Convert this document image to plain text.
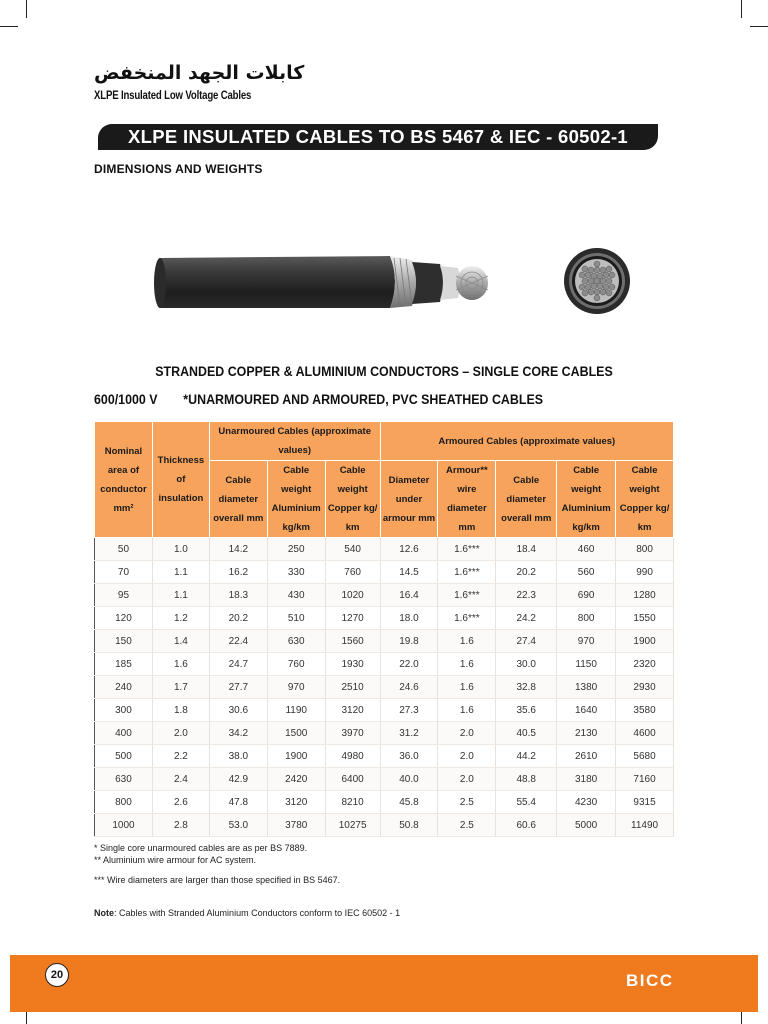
كابلات الجهد المنخفض
XLPE Insulated Low Voltage Cables
XLPE INSULATED CABLES TO BS 5467 & IEC - 60502-1
DIMENSIONS AND WEIGHTS
STRANDED COPPER & ALUMINIUM CONDUCTORS – SINGLE CORE CABLES
600/1000 V *UNARMOURED AND ARMOURED, PVC SHEATHED CABLES
Nominal area of conductor mm²	Thickness of insulation	Unarmoured Cables (approximate values)			Armoured Cables (approximate values)				
		Cable diameter overall mm	Cable weight Aluminium kg/km	Cable weight Copper kg/ km	Diameter under armour mm	Armour** wire diameter mm	Cable diameter overall mm	Cable weight Aluminium kg/km	Cable weight Copper kg/ km
50	1.0	14.2	250	540	12.6	1.6***	18.4	460	800
70	1.1	16.2	330	760	14.5	1.6***	20.2	560	990
95	1.1	18.3	430	1020	16.4	1.6***	22.3	690	1280
120	1.2	20.2	510	1270	18.0	1.6***	24.2	800	1550
150	1.4	22.4	630	1560	19.8	1.6	27.4	970	1900
185	1.6	24.7	760	1930	22.0	1.6	30.0	1150	2320
240	1.7	27.7	970	2510	24.6	1.6	32.8	1380	2930
300	1.8	30.6	1190	3120	27.3	1.6	35.6	1640	3580
400	2.0	34.2	1500	3970	31.2	2.0	40.5	2130	4600
500	2.2	38.0	1900	4980	36.0	2.0	44.2	2610	5680
630	2.4	42.9	2420	6400	40.0	2.0	48.8	3180	7160
800	2.6	47.8	3120	8210	45.8	2.5	55.4	4230	9315
1000	2.8	53.0	3780	10275	50.8	2.5	60.6	5000	11490
* Single core unarmoured cables are as per BS 7889.
** Aluminium wire armour for AC system.
*** Wire diameters are larger than those specified in BS 5467.
Note: Cables with Stranded Aluminium Conductors conform to IEC 60502 - 1
20	BICC
